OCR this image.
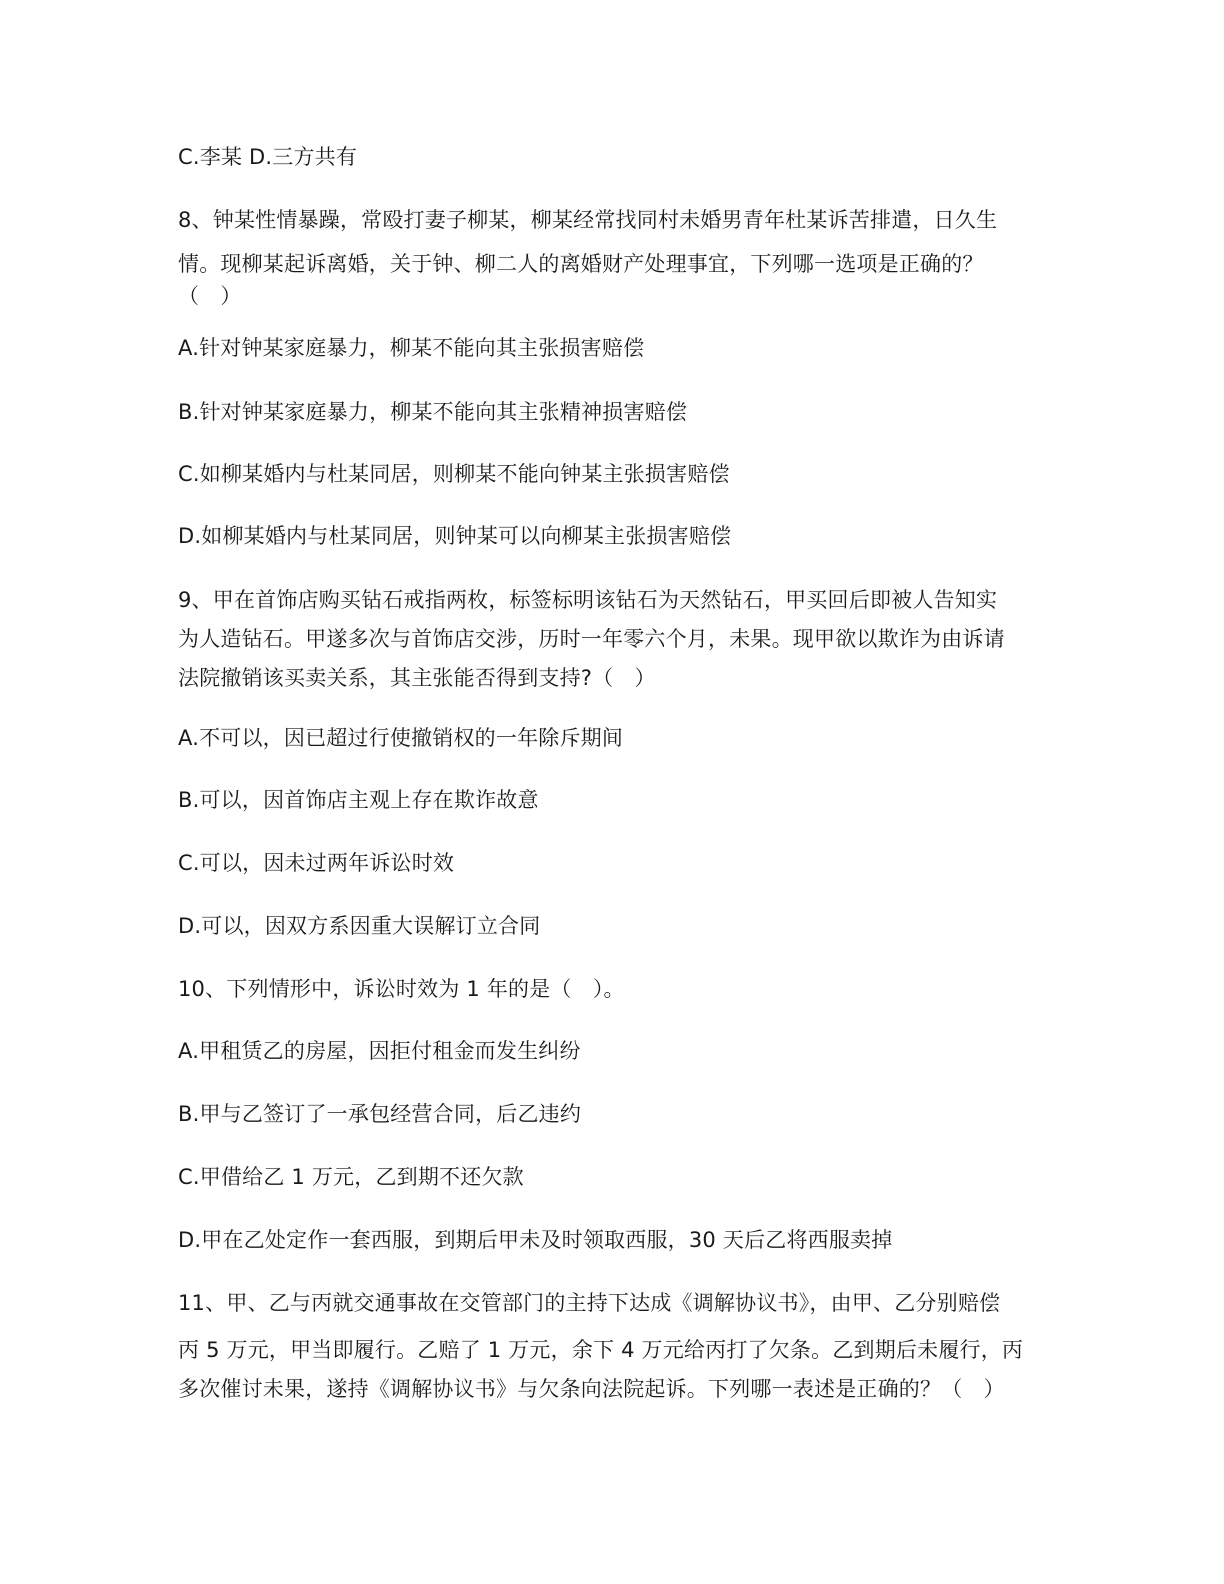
C.李某 D.三方共有
8、钟某性情暴躁，常殴打妻子柳某，柳某经常找同村未婚男青年杜某诉苦排遣，日久生
情。现柳某起诉离婚，关于钟、柳二人的离婚财产处理事宜，下列哪一选项是正确的？
（　）
A.针对钟某家庭暴力，柳某不能向其主张损害赔偿
B.针对钟某家庭暴力，柳某不能向其主张精神损害赔偿
C.如柳某婚内与杜某同居，则柳某不能向钟某主张损害赔偿
D.如柳某婚内与杜某同居，则钟某可以向柳某主张损害赔偿
9、甲在首饰店购买钻石戒指两枚，标签标明该钻石为天然钻石，甲买回后即被人告知实
为人造钻石。甲遂多次与首饰店交涉，历时一年零六个月，未果。现甲欲以欺诈为由诉请
法院撤销该买卖关系，其主张能否得到支持?（　）
A.不可以，因已超过行使撤销权的一年除斥期间
B.可以，因首饰店主观上存在欺诈故意
C.可以，因未过两年诉讼时效
D.可以，因双方系因重大误解订立合同
10、下列情形中，诉讼时效为 1 年的是（　）。
A.甲租赁乙的房屋，因拒付租金而发生纠纷
B.甲与乙签订了一承包经营合同，后乙违约
C.甲借给乙 1 万元，乙到期不还欠款
D.甲在乙处定作一套西服，到期后甲未及时领取西服，30 天后乙将西服卖掉
11、甲、乙与丙就交通事故在交管部门的主持下达成《调解协议书》，由甲、乙分别赔偿
丙 5 万元，甲当即履行。乙赔了 1 万元，余下 4 万元给丙打了欠条。乙到期后未履行，丙
多次催讨未果，遂持《调解协议书》与欠条向法院起诉。下列哪一表述是正确的？（　）
